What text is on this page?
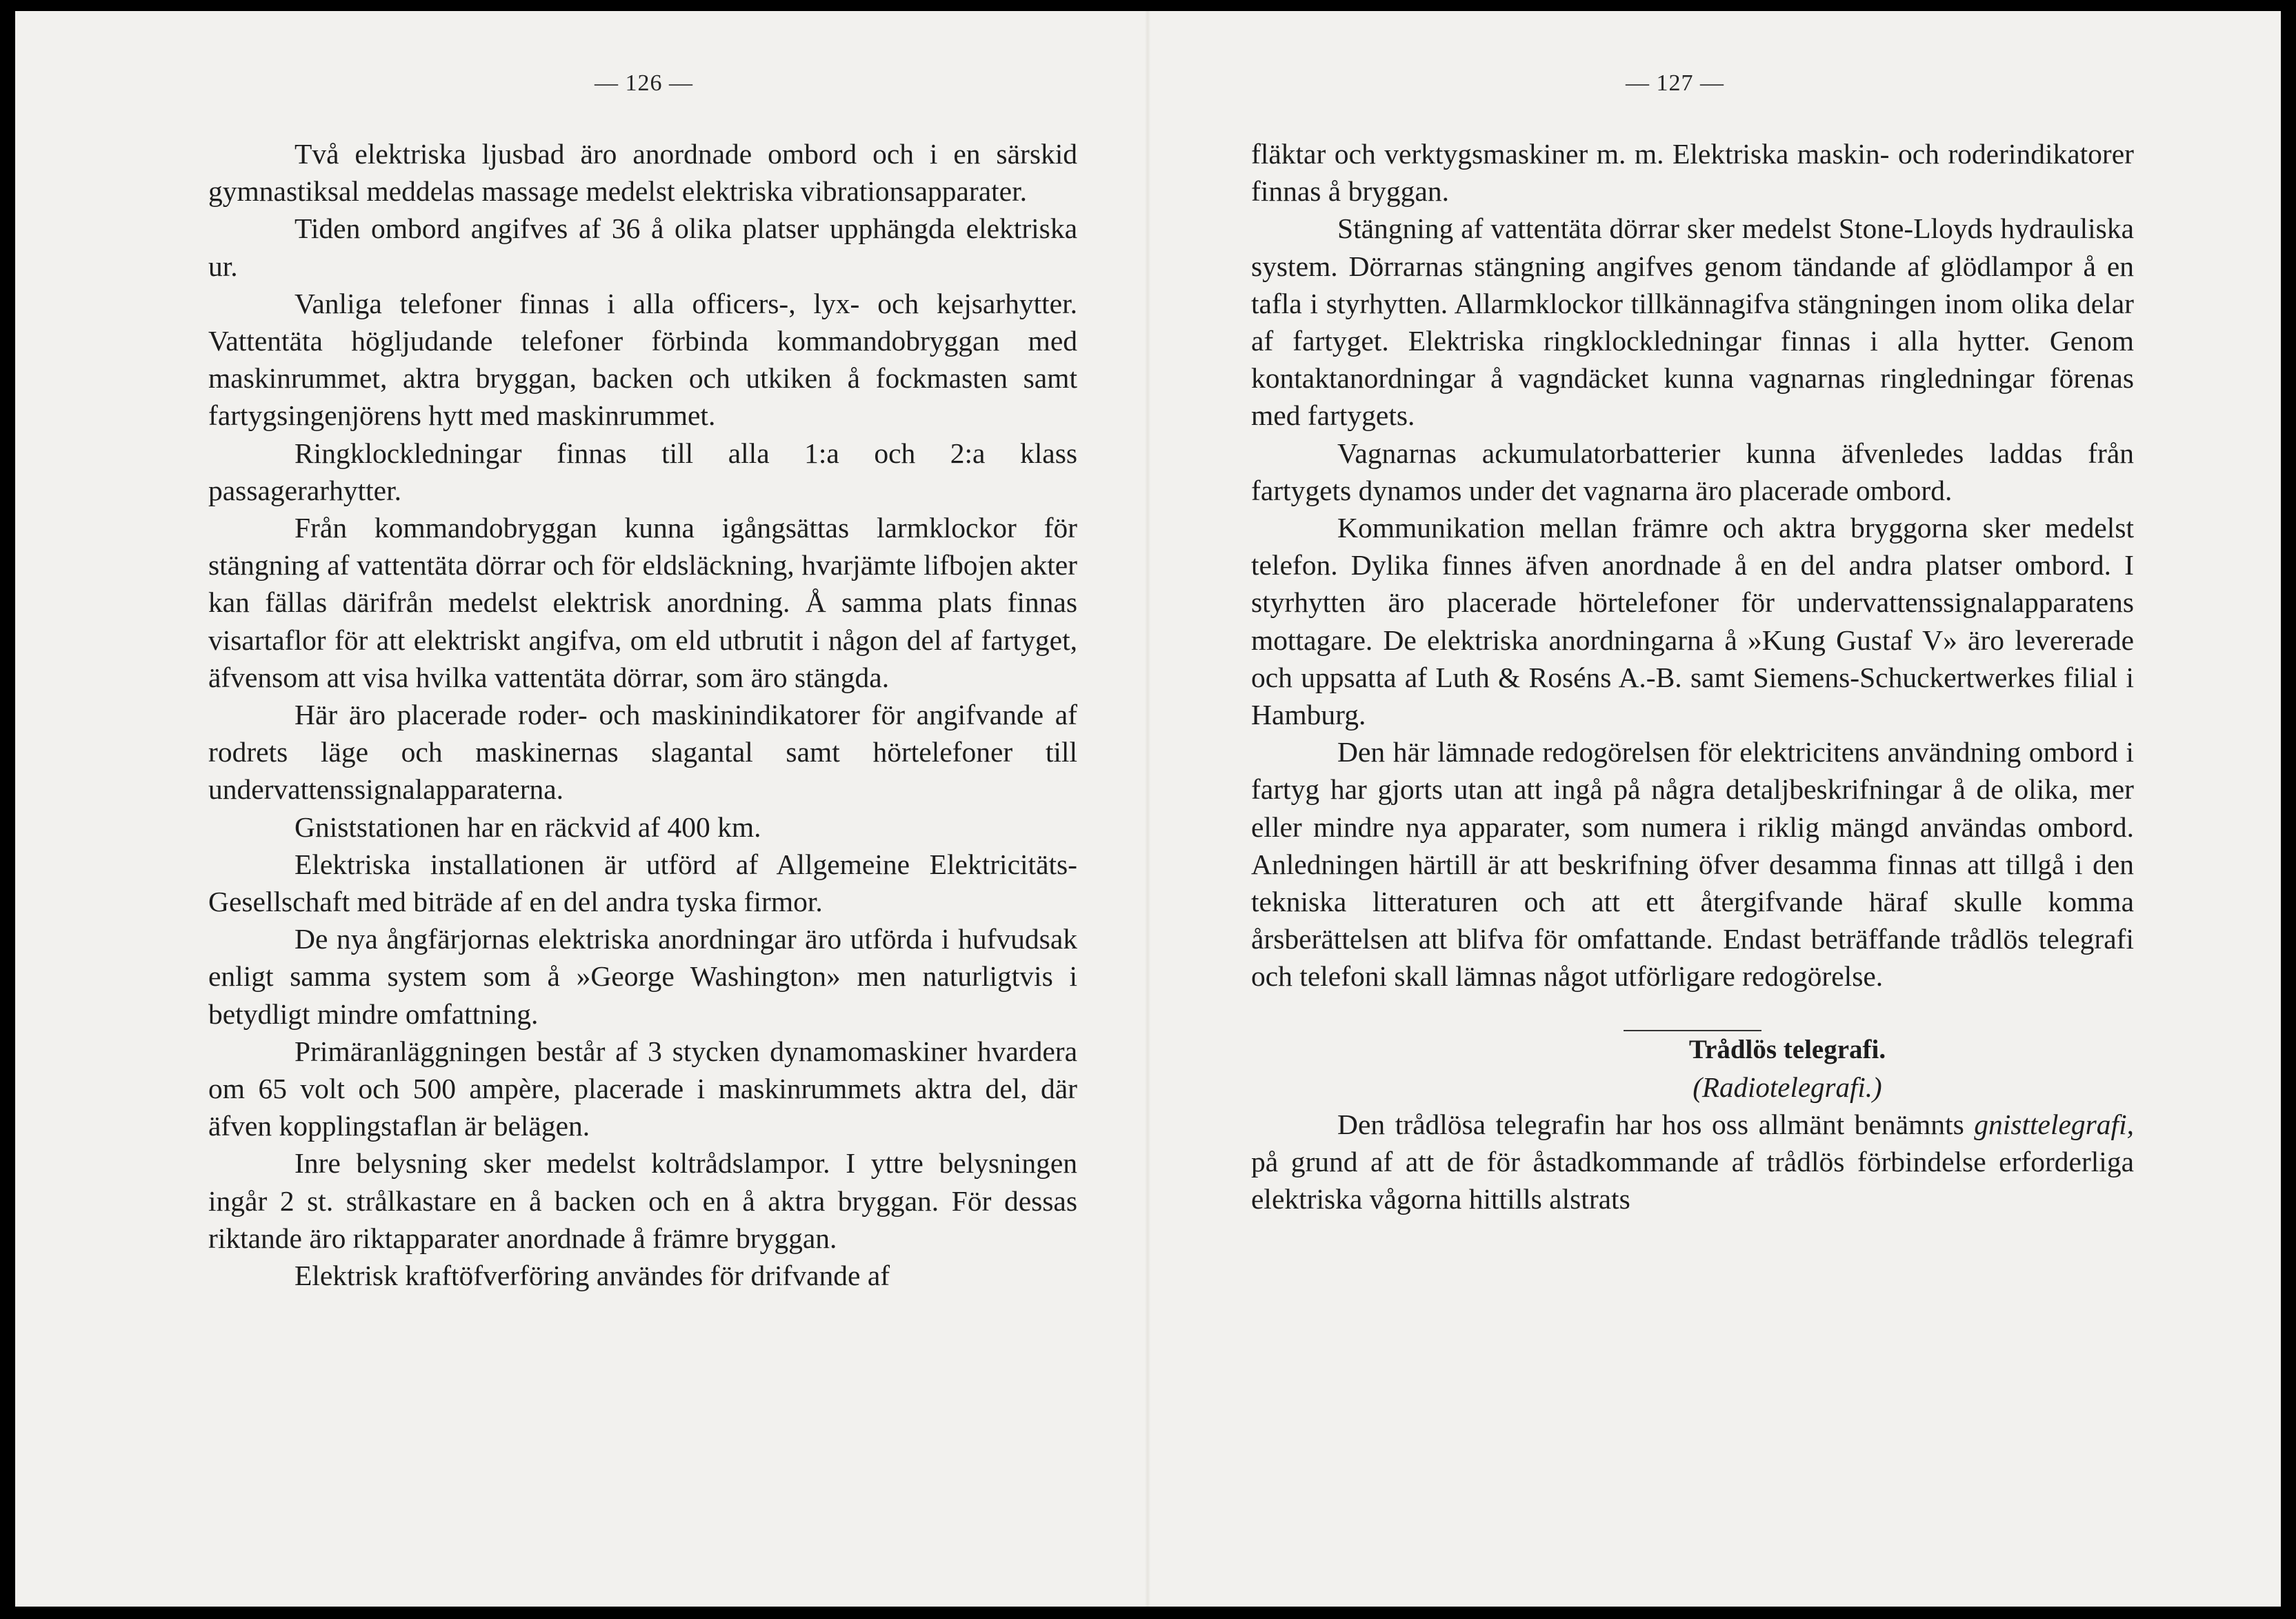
— 126 —

Två elektriska ljusbad äro anordnade ombord och i en särskid gymnastiksal meddelas massage medelst elektriska vibrationsapparater.

Tiden ombord angifves af 36 å olika platser upphängda elektriska ur.

Vanliga telefoner finnas i alla officers-, lyx- och kejsarhytter. Vattentäta högljudande telefoner förbinda kommandobryggan med maskinrummet, aktra bryggan, backen och utkiken å fockmasten samt fartygsingenjörens hytt med maskinrummet.

Ringklockledningar finnas till alla 1:a och 2:a klass passagerarhytter.

Från kommandobryggan kunna igångsättas larmklockor för stängning af vattentäta dörrar och för eldsläckning, hvarjämte lifbojen akter kan fällas därifrån medelst elektrisk anordning. Å samma plats finnas visartaflor för att elektriskt angifva, om eld utbrutit i någon del af fartyget, äfvensom att visa hvilka vattentäta dörrar, som äro stängda.

Här äro placerade roder- och maskinindikatorer för angifvande af rodrets läge och maskinernas slagantal samt hörtelefoner till undervattenssignalapparaterna.

Gniststationen har en räckvid af 400 km.

Elektriska installationen är utförd af Allgemeine Elektricitäts-Gesellschaft med biträde af en del andra tyska firmor.

De nya ångfärjornas elektriska anordningar äro utförda i hufvudsak enligt samma system som å »George Washington» men naturligtvis i betydligt mindre omfattning.

Primäranläggningen består af 3 stycken dynamomaskiner hvardera om 65 volt och 500 ampère, placerade i maskinrummets aktra del, där äfven kopplingstaflan är belägen.

Inre belysning sker medelst koltrådslampor. I yttre belysningen ingår 2 st. strålkastare en å backen och en å aktra bryggan. För dessas riktande äro riktapparater anordnade å främre bryggan.

Elektrisk kraftöfverföring användes för drifvande af

— 127 —

fläktar och verktygsmaskiner m. m. Elektriska maskin- och roderindikatorer finnas å bryggan.

Stängning af vattentäta dörrar sker medelst Stone-Lloyds hydrauliska system. Dörrarnas stängning angifves genom tändande af glödlampor å en tafla i styrhytten. Allarmklockor tillkännagifva stängningen inom olika delar af fartyget. Elektriska ringklockledningar finnas i alla hytter. Genom kontaktanordningar å vagndäcket kunna vagnarnas ringledningar förenas med fartygets.

Vagnarnas ackumulatorbatterier kunna äfvenledes laddas från fartygets dynamos under det vagnarna äro placerade ombord.

Kommunikation mellan främre och aktra bryggorna sker medelst telefon. Dylika finnes äfven anordnade å en del andra platser ombord. I styrhytten äro placerade hörtelefoner för undervattenssignalapparatens mottagare. De elektriska anordningarna å »Kung Gustaf V» äro levererade och uppsatta af Luth & Roséns A.-B. samt Siemens-Schuckertwerkes filial i Hamburg.

Den här lämnade redogörelsen för elektricitens användning ombord i fartyg har gjorts utan att ingå på några detaljbeskrifningar å de olika, mer eller mindre nya apparater, som numera i riklig mängd användas ombord. Anledningen härtill är att beskrifning öfver desamma finnas att tillgå i den tekniska litteraturen och att ett återgifvande häraf skulle komma årsberättelsen att blifva för omfattande. Endast beträffande trådlös telegrafi och telefoni skall lämnas något utförligare redogörelse.

Trådlös telegrafi.

(Radiotelegrafi.)

Den trådlösa telegrafin har hos oss allmänt benämnts gnisttelegrafi, på grund af att de för åstadkommande af trådlös förbindelse erforderliga elektriska vågorna hittills alstrats
